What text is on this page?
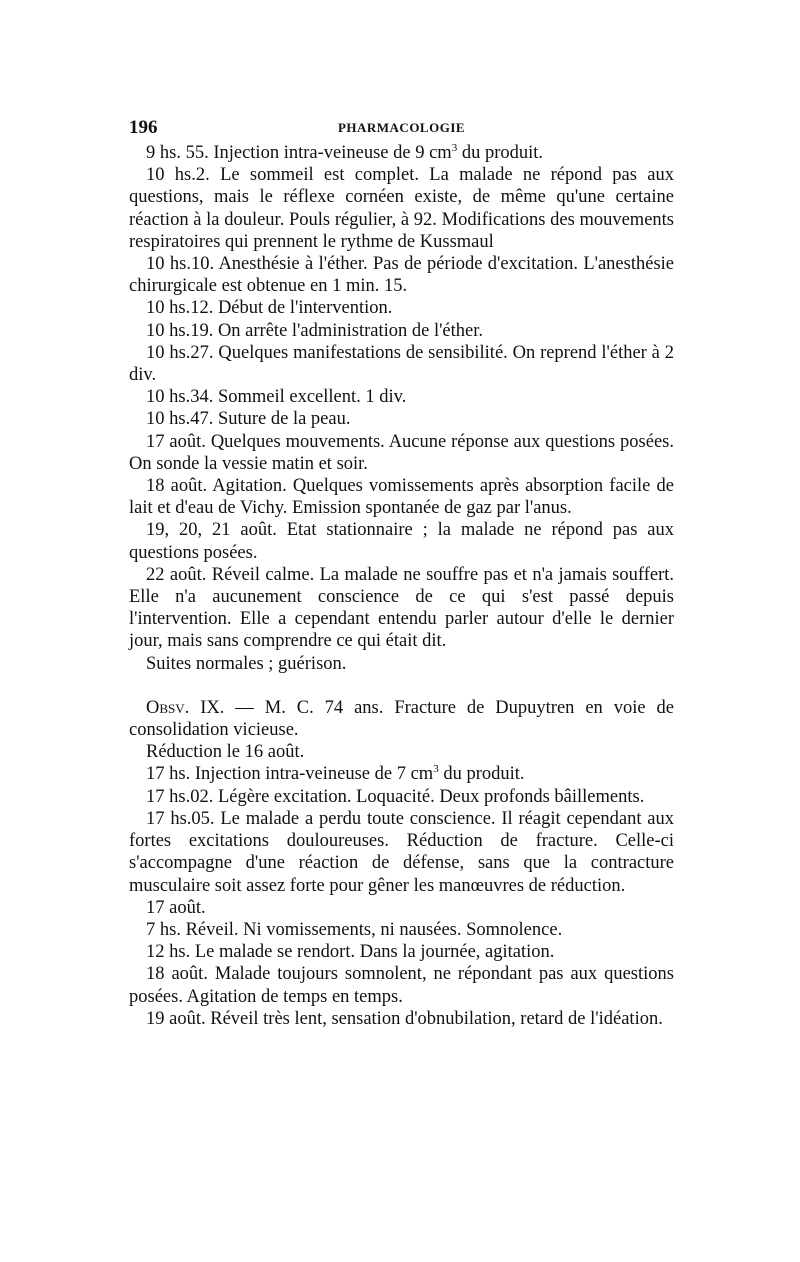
196	PHARMACOLOGIE

9 hs. 55. Injection intra-veineuse de 9 $cm^3$ du produit.

10 hs.2. Le sommeil est complet. La malade ne répond pas aux questions, mais le réflexe cornéen existe, de même qu'une certaine réaction à la douleur. Pouls régulier, à 92. Modifications des mouvements respiratoires qui prennent le rythme de Kussmaul

10 hs.10. Anesthésie à l'éther. Pas de période d'excitation. L'anesthésie chirurgicale est obtenue en 1 min. 15.

10 hs.12. Début de l'intervention.

10 hs.19. On arrête l'administration de l'éther.

10 hs.27. Quelques manifestations de sensibilité. On reprend l'éther à 2 div.

10 hs.34. Sommeil excellent. 1 div.

10 hs.47. Suture de la peau.

17 août. Quelques mouvements. Aucune réponse aux questions posées. On sonde la vessie matin et soir.

18 août. Agitation. Quelques vomissements après absorption facile de lait et d'eau de Vichy. Emission spontanée de gaz par l'anus.

19, 20, 21 août. Etat stationnaire ; la malade ne répond pas aux questions posées.

22 août. Réveil calme. La malade ne souffre pas et n'a jamais souffert. Elle n'a aucunement conscience de ce qui s'est passé depuis l'intervention. Elle a cependant entendu parler autour d'elle le dernier jour, mais sans comprendre ce qui était dit.

Suites normales ; guérison.

Obsv. IX. — M. C. 74 ans. Fracture de Dupuytren en voie de consolidation vicieuse.

Réduction le 16 août.

17 hs. Injection intra-veineuse de 7 $cm^3$ du produit.

17 hs.02. Légère excitation. Loquacité. Deux profonds bâillements.

17 hs.05. Le malade a perdu toute conscience. Il réagit cependant aux fortes excitations douloureuses. Réduction de fracture. Celle-ci s'accompagne d'une réaction de défense, sans que la contracture musculaire soit assez forte pour gêner les manœuvres de réduction.

17 août.

7 hs. Réveil. Ni vomissements, ni nausées. Somnolence.

12 hs. Le malade se rendort. Dans la journée, agitation.

18 août. Malade toujours somnolent, ne répondant pas aux questions posées. Agitation de temps en temps.

19 août. Réveil très lent, sensation d'obnubilation, retard de l'idéation.
